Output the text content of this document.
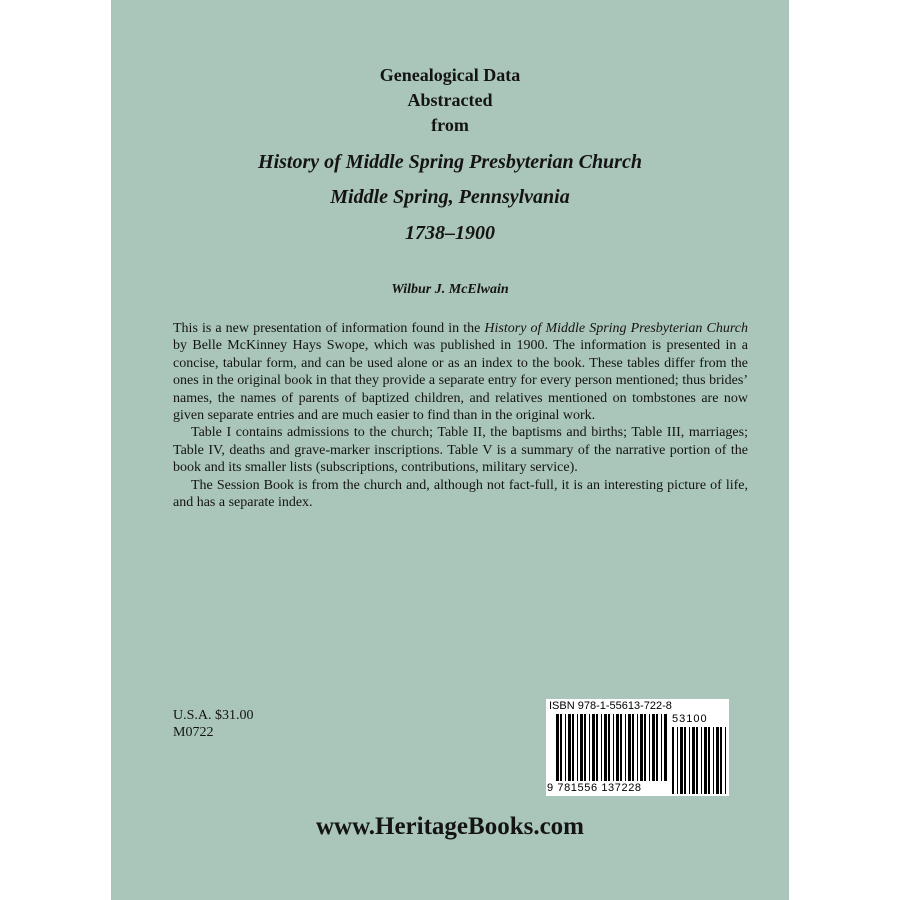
Genealogical Data
Abstracted
from
History of Middle Spring Presbyterian Church
Middle Spring, Pennsylvania
1738–1900
Wilbur J. McElwain

This is a new presentation of information found in the History of Middle Spring Presbyterian Church by Belle McKinney Hays Swope, which was published in 1900. The information is presented in a concise, tabular form, and can be used alone or as an index to the book. These tables differ from the ones in the original book in that they provide a separate entry for every person mentioned; thus brides’ names, the names of parents of baptized children, and relatives mentioned on tombstones are now given separate entries and are much easier to find than in the original work.

Table I contains admissions to the church; Table II, the baptisms and births; Table III, marriages; Table IV, deaths and grave-marker inscriptions. Table V is a summary of the narrative portion of the book and its smaller lists (subscriptions, contributions, military service).

The Session Book is from the church and, although not fact-full, it is an interesting picture of life, and has a separate index.

U.S.A. $31.00
M0722
ISBN 978-1-55613-722-8
53100
9 781556 137228
www.HeritageBooks.com
